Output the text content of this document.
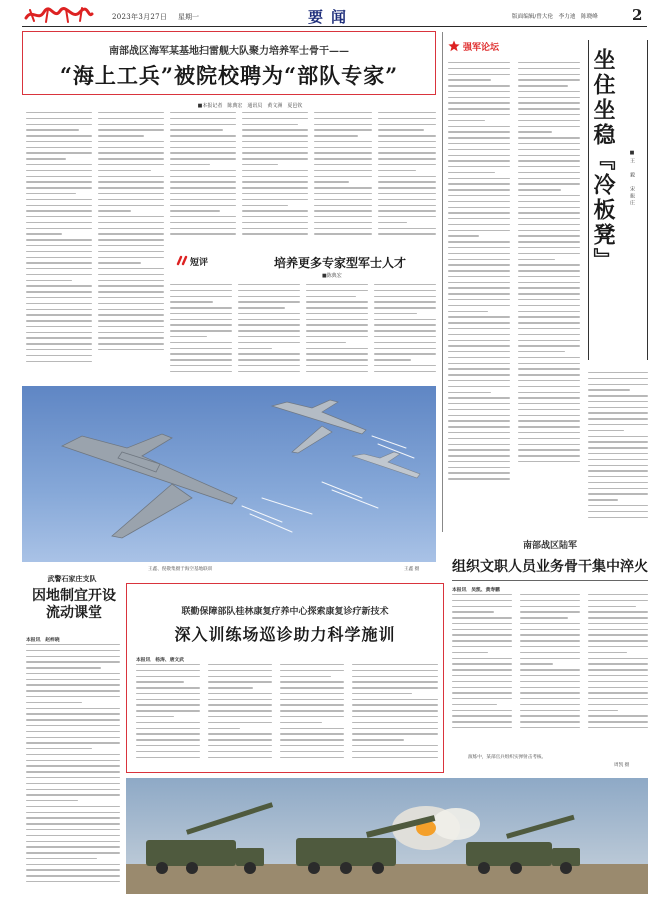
2023年3月27日 星期一	要闻	版面编辑/曾大伦　李力迪　陈晓峰 2
南部战区海军某基地扫雷舰大队聚力培养军士骨干——
“海上工兵”被院校聘为“部队专家”
■本报记者　陈典宏　通讯员　黄文洲　夏邑钦
短评	培养更多专家型军士人才
■陈典宏
强军论坛	坐住坐稳『冷板凳』	■王　毅　宋振庄
王鑫、倪敬集摄于海空基地联训	王鑫 摄
武警石家庄支队
因地制宜开设流动课堂
本报讯　赵梓晓
联勤保障部队桂林康复疗养中心探索康复诊疗新技术
深入训练场巡诊助力科学施训
本报讯　杨涛、唐文武
南部战区陆军
组织文职人员业务骨干集中淬火
本报讯　吴凯、黄寿鹏
演练中，某部官兵组织实弹射击考核。
周凯 摄
